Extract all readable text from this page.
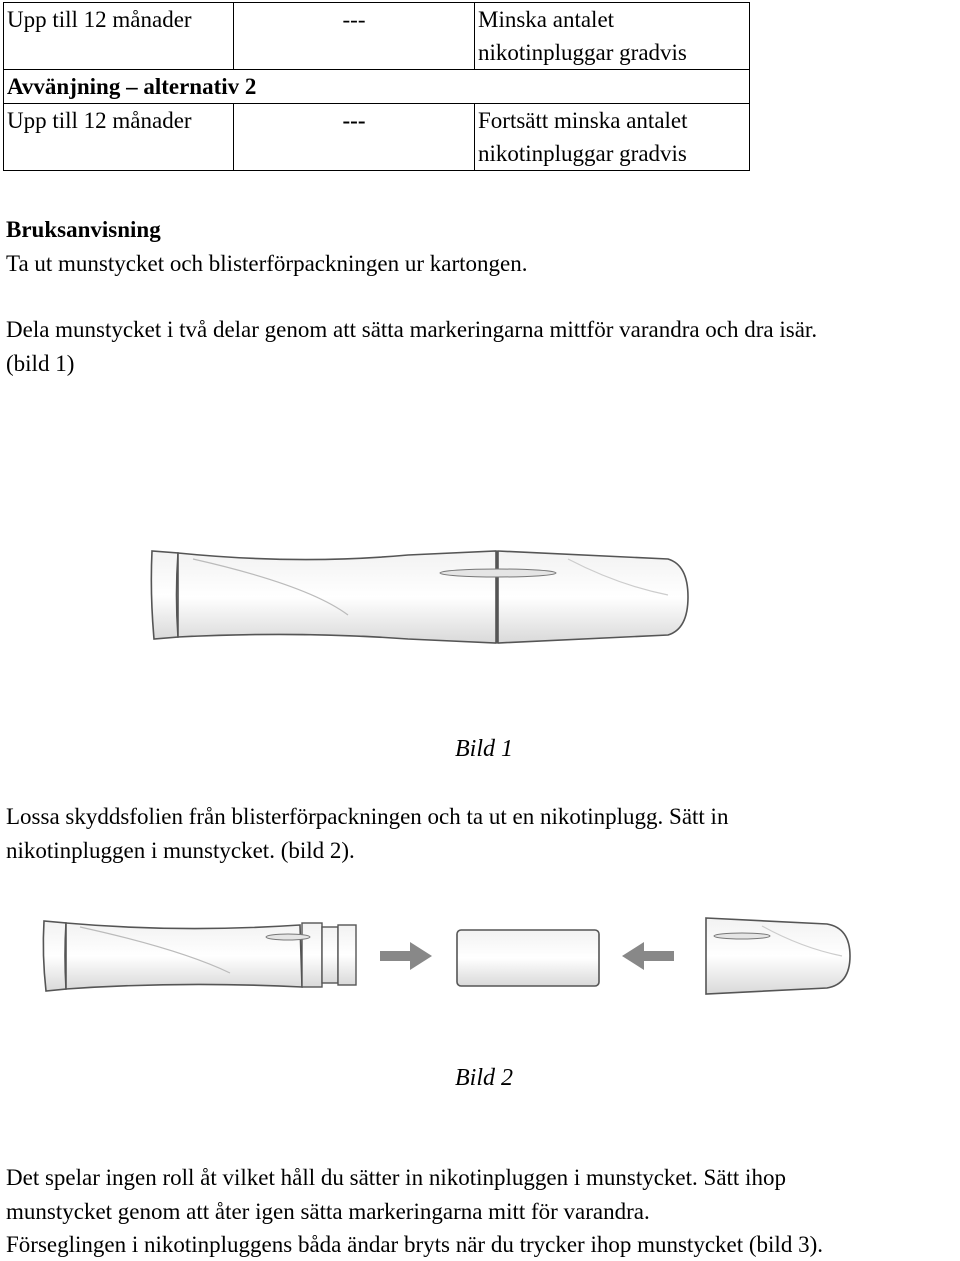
Upp till 12 månader	---	Minska antalet nikotinpluggar gradvis
Avvänjning – alternativ 2		
Upp till 12 månader	---	Fortsätt minska antalet nikotinpluggar gradvis
Bruksanvisning
Ta ut munstycket och blisterförpackningen ur kartongen.
Dela munstycket i två delar genom att sätta markeringarna mittför varandra och dra isär.
(bild 1)
Bild 1
Lossa skyddsfolien från blisterförpackningen och ta ut en nikotinplugg. Sätt in
nikotinpluggen i munstycket. (bild 2).
Bild 2
Det spelar ingen roll åt vilket håll du sätter in nikotinpluggen i munstycket. Sätt ihop
munstycket genom att åter igen sätta markeringarna mitt för varandra.
Förseglingen i nikotinpluggens båda ändar bryts när du trycker ihop munstycket (bild 3).
